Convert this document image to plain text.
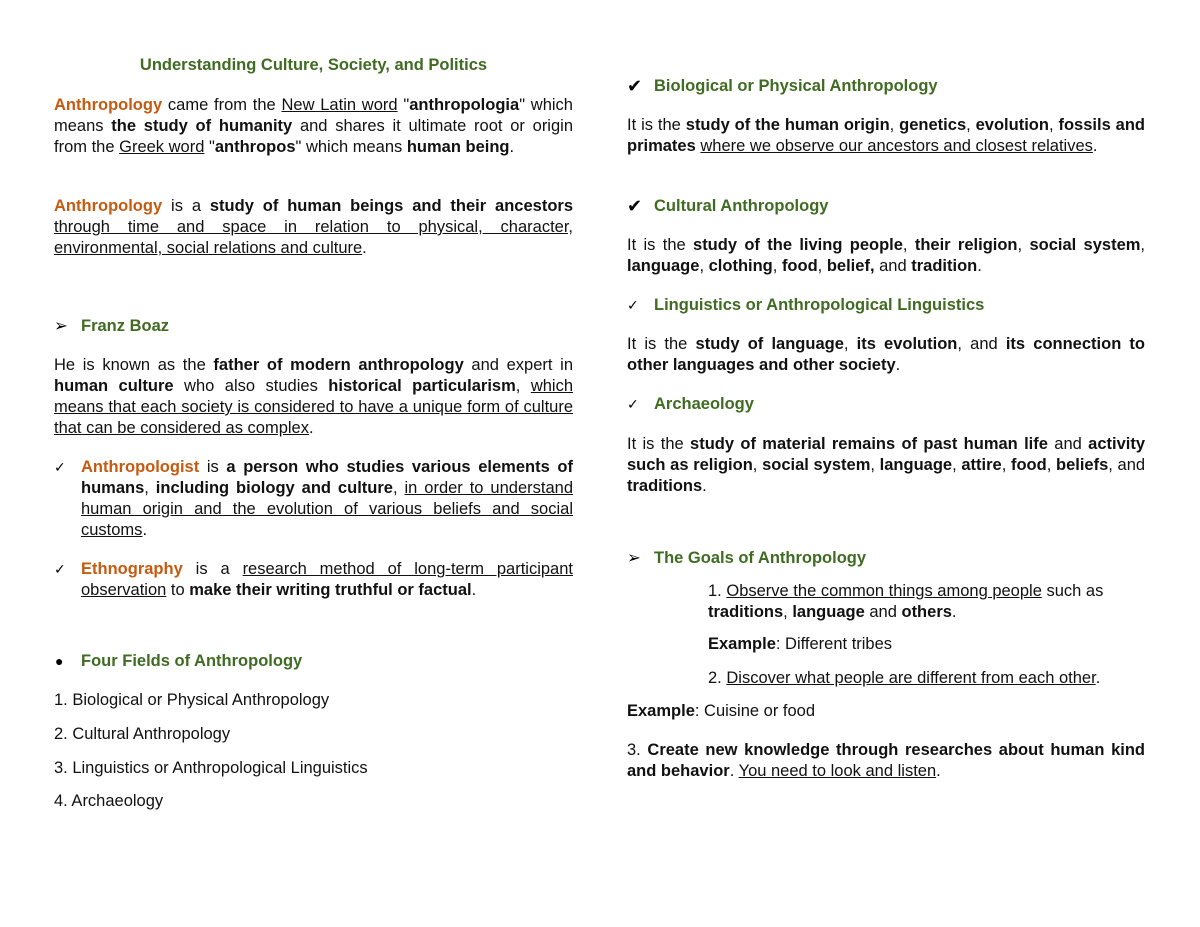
Understanding Culture, Society, and Politics

Anthropology came from the New Latin word "anthropologia" which means the study of humanity and shares it ultimate root or origin from the Greek word "anthropos" which means human being.

Anthropology is a study of human beings and their ancestors through time and space in relation to physical, character, environmental, social relations and culture.

➢ Franz Boaz

He is known as the father of modern anthropology and expert in human culture who also studies historical particularism, which means that each society is considered to have a unique form of culture that can be considered as complex.

✓ Anthropologist is a person who studies various elements of humans, including biology and culture, in order to understand human origin and the evolution of various beliefs and social customs.

✓ Ethnography is a research method of long-term participant observation to make their writing truthful or factual.

● Four Fields of Anthropology

1. Biological or Physical Anthropology

2. Cultural Anthropology

3. Linguistics or Anthropological Linguistics

4. Archaeology

✔ Biological or Physical Anthropology

It is the study of the human origin, genetics, evolution, fossils and primates where we observe our ancestors and closest relatives.

✔ Cultural Anthropology

It is the study of the living people, their religion, social system, language, clothing, food, belief, and tradition.

✓ Linguistics or Anthropological Linguistics

It is the study of language, its evolution, and its connection to other languages and other society.

✓ Archaeology

It is the study of material remains of past human life and activity such as religion, social system, language, attire, food, beliefs, and traditions.

➢ The Goals of Anthropology

1. Observe the common things among people such as traditions, language and others.

Example: Different tribes

2. Discover what people are different from each other.

Example: Cuisine or food

3. Create new knowledge through researches about human kind and behavior. You need to look and listen.
